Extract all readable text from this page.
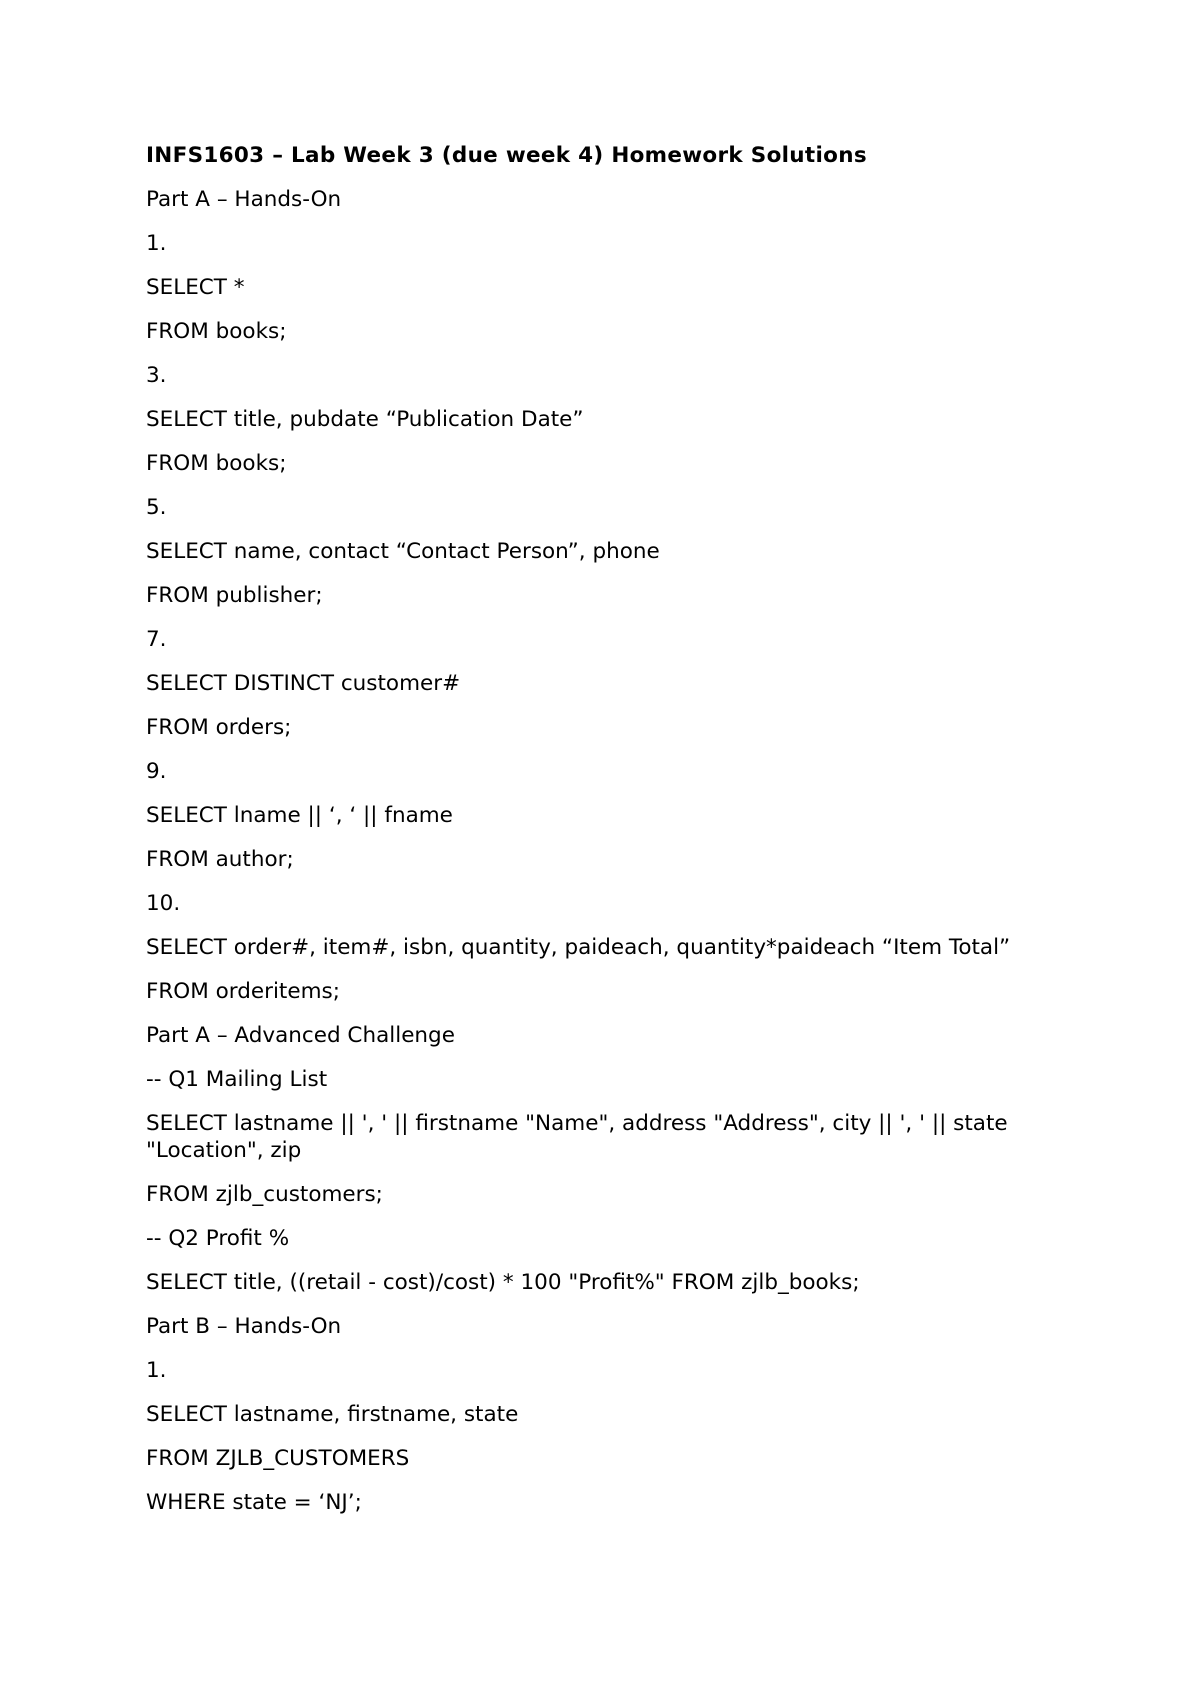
INFS1603 – Lab Week 3 (due week 4) Homework Solutions
Part A – Hands-On
1.
SELECT *
FROM books;
3.
SELECT title, pubdate “Publication Date”
FROM books;
5.
SELECT name, contact “Contact Person”, phone
FROM publisher;
7.
SELECT DISTINCT customer#
FROM orders;
9.
SELECT lname || ‘, ‘ || fname
FROM author;
10.
SELECT order#, item#, isbn, quantity, paideach, quantity*paideach “Item Total”
FROM orderitems;
Part A – Advanced Challenge
-- Q1 Mailing List
SELECT lastname || ', ' || firstname "Name", address "Address", city || ', ' || state "Location", zip
FROM zjlb_customers;
-- Q2 Profit %
SELECT title, ((retail - cost)/cost) * 100 "Profit%" FROM zjlb_books;
Part B – Hands-On
1.
SELECT lastname, firstname, state
FROM ZJLB_CUSTOMERS
WHERE state = ‘NJ’;
